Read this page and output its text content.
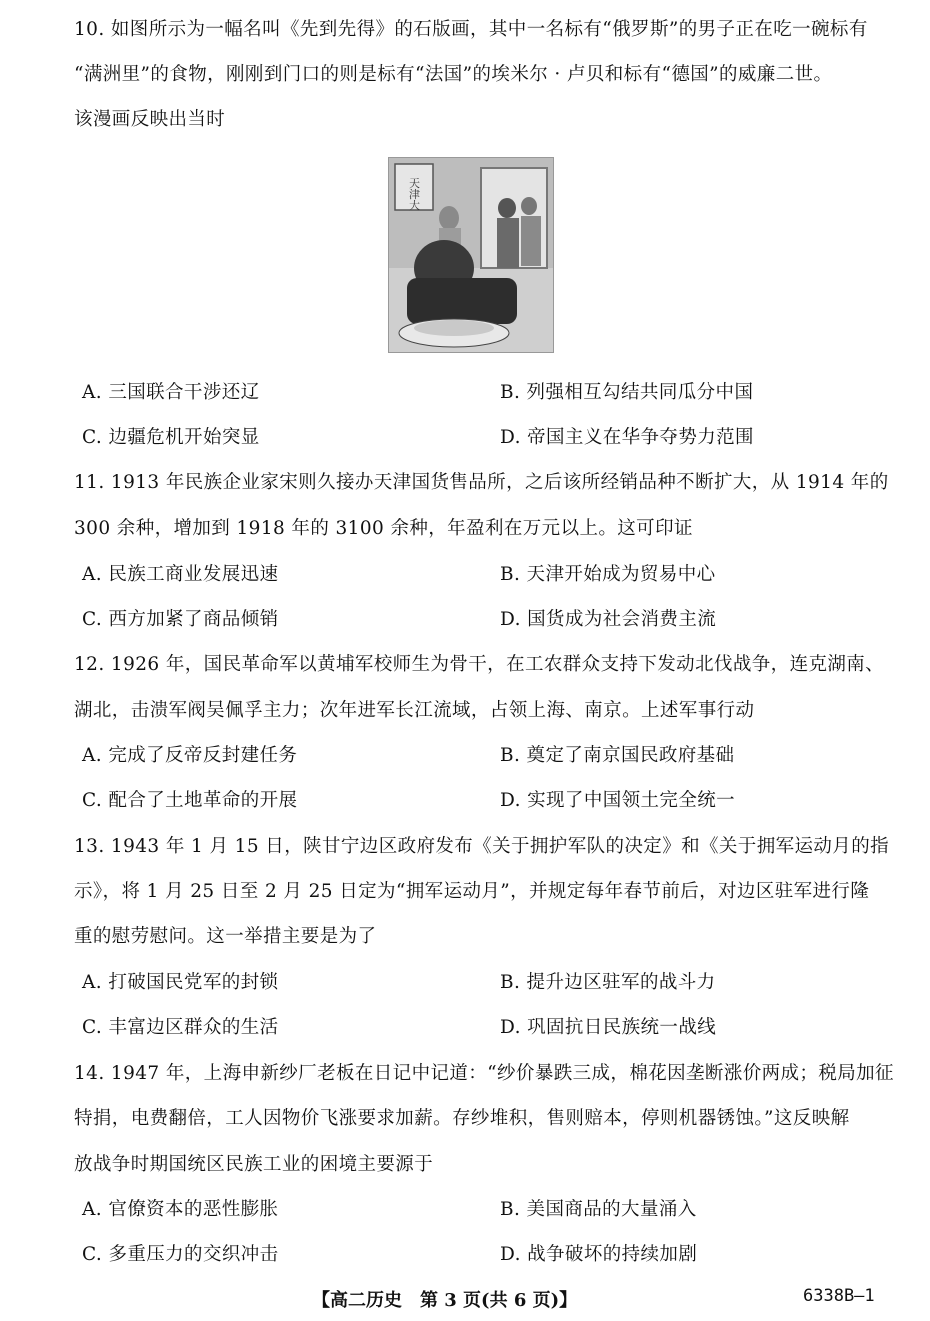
10. 如图所示为一幅名叫《先到先得》的石版画，其中一名标有“俄罗斯”的男子正在吃一碗标有
“满洲里”的食物，刚刚到门口的则是标有“法国”的埃米尔 · 卢贝和标有“德国”的威廉二世。
该漫画反映出当时
天津大
A. 三国联合干涉还辽	B. 列强相互勾结共同瓜分中国
C. 边疆危机开始突显	D. 帝国主义在华争夺势力范围
11. 1913 年民族企业家宋则久接办天津国货售品所，之后该所经销品种不断扩大，从 1914 年的
300 余种，增加到 1918 年的 3100 余种，年盈利在万元以上。这可印证
A. 民族工商业发展迅速	B. 天津开始成为贸易中心
C. 西方加紧了商品倾销	D. 国货成为社会消费主流
12. 1926 年，国民革命军以黄埔军校师生为骨干，在工农群众支持下发动北伐战争，连克湖南、
湖北，击溃军阀吴佩孚主力；次年进军长江流域，占领上海、南京。上述军事行动
A. 完成了反帝反封建任务	B. 奠定了南京国民政府基础
C. 配合了土地革命的开展	D. 实现了中国领土完全统一
13. 1943 年 1 月 15 日，陕甘宁边区政府发布《关于拥护军队的决定》和《关于拥军运动月的指
示》，将 1 月 25 日至 2 月 25 日定为“拥军运动月”，并规定每年春节前后，对边区驻军进行隆
重的慰劳慰问。这一举措主要是为了
A. 打破国民党军的封锁	B. 提升边区驻军的战斗力
C. 丰富边区群众的生活	D. 巩固抗日民族统一战线
14. 1947 年，上海申新纱厂老板在日记中记道：“纱价暴跌三成，棉花因垄断涨价两成；税局加征
特捐，电费翻倍，工人因物价飞涨要求加薪。存纱堆积，售则赔本，停则机器锈蚀。”这反映解
放战争时期国统区民族工业的困境主要源于
A. 官僚资本的恶性膨胀	B. 美国商品的大量涌入
C. 多重压力的交织冲击	D. 战争破坏的持续加剧
【高二历史　第 3 页(共 6 页)】	6338B—1
